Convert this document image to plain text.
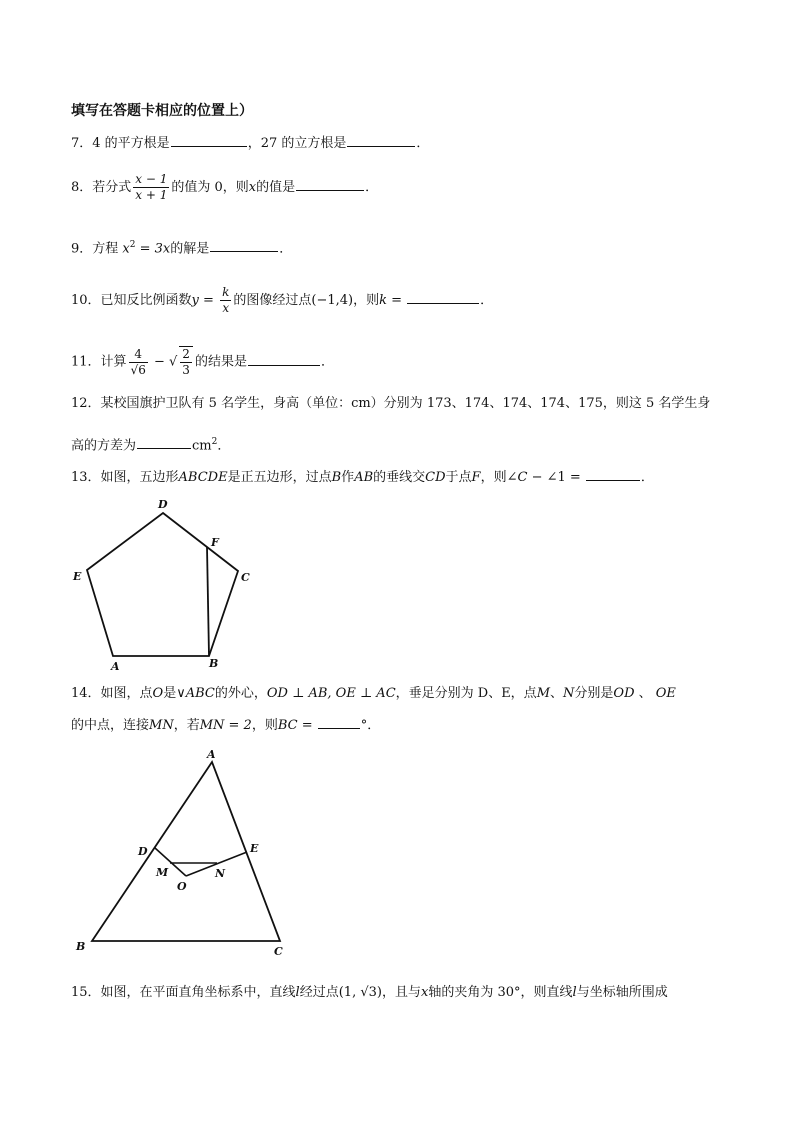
填写在答题卡相应的位置上）
7．4 的平方根是	，27 的立方根是	．
8．若分式 $\frac{x - 1}{x + 1}$ 的值为 0，则x的值是	．
9．方程 $x^2 = 3x$的解是	．
10．已知反比例函数$y = \frac{k}{x}$ 的图像经过点(−1,4)，则k =	．
11．计算 $\frac{4}{√6}$ − √ $\frac{2}{3}$ 的结果是	．
12．某校国旗护卫队有 5 名学生，身高（单位：cm）分别为 173、174、174、174、175，则这 5 名学生身
高的方差为	$cm^2$．
13．如图，五边形ABCDE是正五边形，过点B作AB的垂线交CD于点F，则∠C − ∠1 =	．
D
F
E	C
A	B
14．如图，点O是∨ABC的外心，OD ⊥ AB, OE ⊥ AC，垂足分别为 D、E，点M、N分别是OD 、 OE
的中点，连接MN，若MN = 2，则BC =	°．
A
D	E
M	N
O
B	C
15．如图，在平面直角坐标系中，直线l经过点(1, √3)，且与x轴的夹角为 30°，则直线l与坐标轴所围成
